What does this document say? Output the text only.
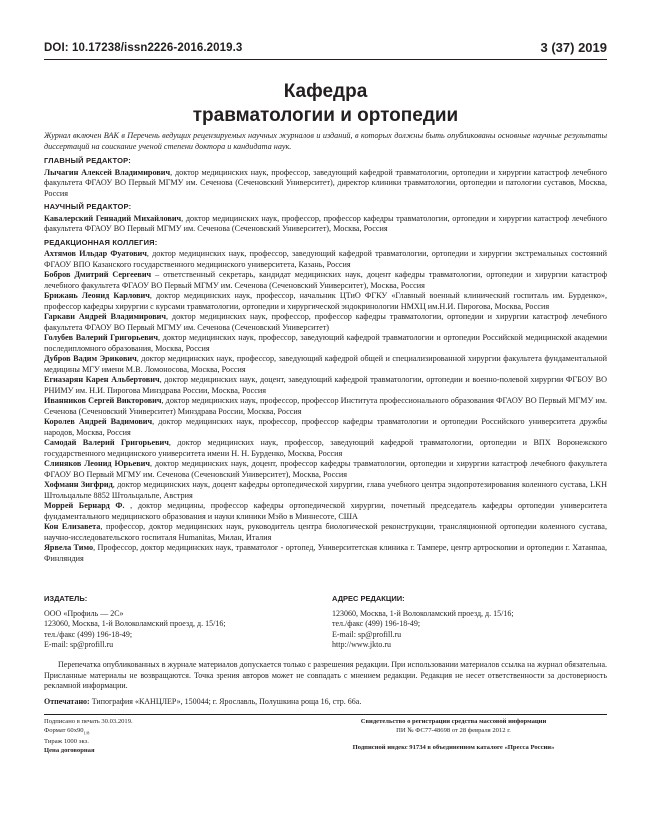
DOI: 10.17238/issn2226-2016.2019.3	3 (37) 2019
Кафедра
травматологии и ортопедии

Журнал включен ВАК в Перечень ведущих рецензируемых научных журналов и изданий, в которых должны быть опубликованы основные научные результаты диссертаций на соискание ученой степени доктора и кандидата наук.

ГЛАВНЫЙ РЕДАКТОР:

Лычагин Алексей Владимирович, доктор медицинских наук, профессор, заведующий кафедрой травматологии, ортопедии и хирургии катастроф лечебного факультета ФГАОУ ВО Первый МГМУ им. Сеченова (Сеченовский Университет), директор клиники травматологии, ортопедии и патологии суставов, Москва, Россия

НАУЧНЫЙ РЕДАКТОР:

Кавалерский Геннадий Михайлович, доктор медицинских наук, профессор, профессор кафедры травматологии, ортопедии и хирургии катастроф лечебного факультета ФГАОУ ВО Первый МГМУ им. Сеченова (Сеченовский Университет), Москва, Россия

РЕДАКЦИОННАЯ КОЛЛЕГИЯ:

Ахтямов Ильдар Фуатович, доктор медицинских наук, профессор, заведующий кафедрой травматологии, ортопедии и хирургии экстремальных состояний ФГАОУ ВПО Казанского государственного медицинского университета, Казань, Россия

Бобров Дмитрий Сергеевич – ответственный секретарь, кандидат медицинских наук, доцент кафедры травматологии, ортопедии и хирургии катастроф лечебного факультета ФГАОУ ВО Первый МГМУ им. Сеченова (Сеченовский Университет), Москва, Россия

Брижань Леонид Карлович, доктор медицинских наук, профессор, начальник ЦТиО ФГКУ «Главный военный клинический госпиталь им. Бурденко», профессор кафедры хирургии с курсами травматологии, ортопедии и хирургической эндокринологии НМХЦ им.Н.И. Пирогова, Москва, Россия

Гаркави Андрей Владимирович, доктор медицинских наук, профессор, профессор кафедры травматологии, ортопедии и хирургии катастроф лечебного факультета ФГАОУ ВО Первый МГМУ им. Сеченова (Сеченовский Университет)

Голубев Валерий Григорьевич, доктор медицинских наук, профессор, заведующий кафедрой травматологии и ортопедии Российской медицинской академии последипломного образования, Москва, Россия

Дубров Вадим Эрикович, доктор медицинских наук, профессор, заведующий кафедрой общей и специализированной хирургии факультета фундаментальной медицины МГУ имени М.В. Ломоносова, Москва, Россия

Егиазарян Карен Альбертович, доктор медицинских наук, доцент, заведующий кафедрой травматологии, ортопедии и военно-полевой хирургии ФГБОУ ВО РНИМУ им. Н.И. Пирогова Минздрава России, Москва, Россия

Иванников Сергей Викторович, доктор медицинских наук, профессор, профессор Института профессионального образования ФГАОУ ВО Первый МГМУ им. Сеченова (Сеченовский Университет) Минздрава России, Москва, Россия

Королев Андрей Вадимович, доктор медицинских наук, профессор, профессор кафедры травматологии и ортопедии Российского университета дружбы народов, Москва, Россия

Самодай Валерий Григорьевич, доктор медицинских наук, профессор, заведующий кафедрой травматологии, ортопедии и ВПХ Воронежского государственного медицинского университета имени Н. Н. Бурденко, Москва, Россия

Слиняков Леонид Юрьевич, доктор медицинских наук, доцент, профессор кафедры травматологии, ортопедии и хирургии катастроф лечебного факультета ФГАОУ ВО Первый МГМУ им. Сеченова (Сеченовский Университет), Москва, Россия

Хофманн Зигфрид, доктор медицинских наук, доцент кафедры ортопедической хирургии, глава учебного центра эндопротезирования коленного сустава, LKH Штольцальпе 8852 Штольцальпе, Австрия

Моррей Бернард Ф. , доктор медицины, профессор кафедры ортопедической хирургии, почетный председатель кафедры ортопедии университета фундаментального медицинского образования и науки клиники Мэйо в Миннесоте, США

Кон Елизавета, профессор, доктор медицинских наук, руководитель центра биологической реконструкции, трансляционной ортопедии коленного сустава, научно-исследовательского госпиталя Humanitas, Милан, Италия

Ярвела Тимо, Профессор, доктор медицинских наук, травматолог - ортопед, Университетская клиника г. Тампере, центр артроскопии и ортопедии г. Хатанпаа, Финляндия

ИЗДАТЕЛЬ:
ООО «Профиль — 2С»
123060, Москва, 1-й Волоколамский проезд, д. 15/16;
тел./факс (499) 196-18-49;
E-mail: sp@profill.ru
АДРЕС РЕДАКЦИИ:
123060, Москва, 1-й Волоколамский проезд, д. 15/16;
тел./факс (499) 196-18-49;
E-mail: sp@profill.ru
http://www.jkto.ru

Перепечатка опубликованных в журнале материалов допускается только с разрешения редакции. При использовании материалов ссылка на журнал обязательна. Присланные материалы не возвращаются. Точка зрения авторов может не совпадать с мнением редакции. Редакция не несет ответственности за достоверность рекламной информации.

Отпечатано: Типография «КАНЦЛЕР», 150044; г. Ярославль, Полушкина роща 16, стр. 66а.

Подписано в печать 30.03.2019.
Формат $60х90_{1/8}$
Тираж 1000 экз.
Цена договорная
Свидетельство о регистрации средства массовой информации
ПИ № ФС77-48698 от 28 февраля 2012 г.
Подписной индекс 91734 в объединенном каталоге «Пресса России»
